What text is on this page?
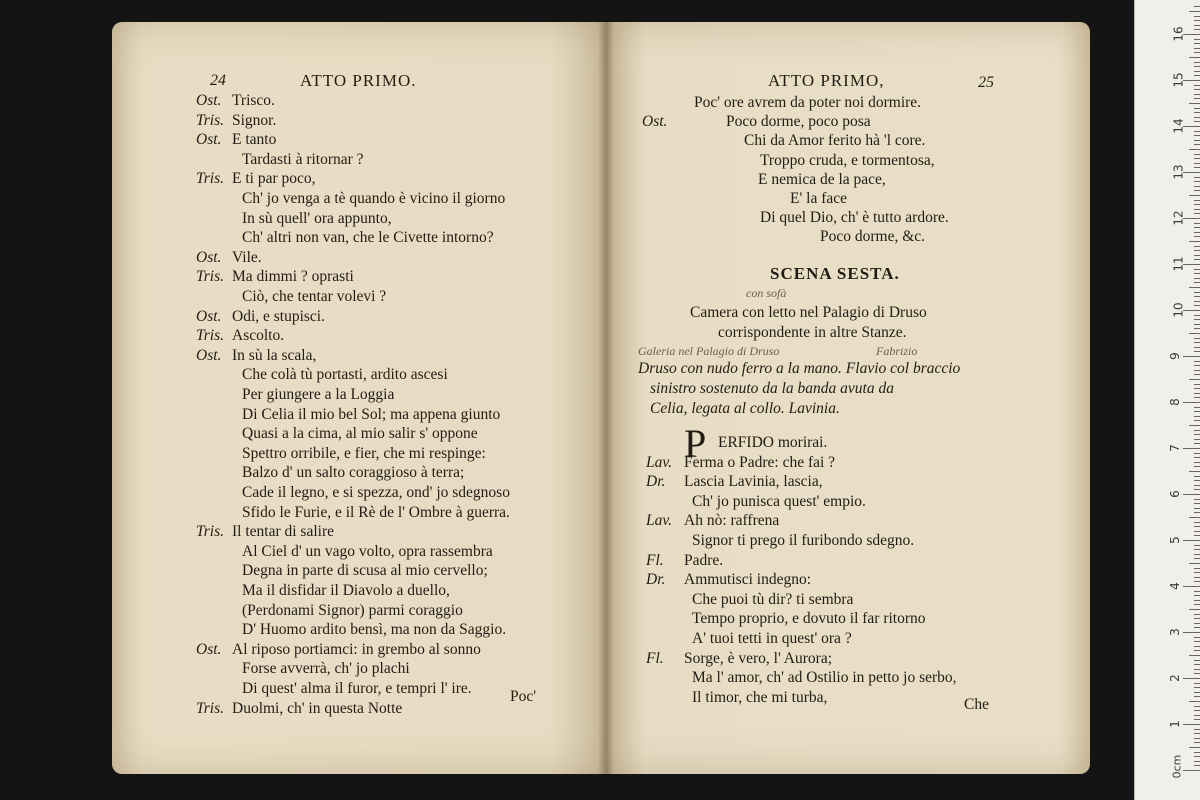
24	ATTO PRIMO.
Ost. Trisco.
Tris. Signor.
Ost. E tanto
Tardasti à ritornar ?
Tris. E ti par poco,
Ch' jo venga a tè quando è vicino il giorno
In sù quell' ora appunto,
Ch' altri non van, che le Civette intorno?
Ost. Vile.
Tris. Ma dimmi ? oprasti
Ciò, che tentar volevi ?
Ost. Odi, e stupisci.
Tris. Ascolto.
Ost. In sù la scala,
Che colà tù portasti, ardito ascesi
Per giungere a la Loggia
Di Celia il mio bel Sol; ma appena giunto
Quasi a la cima, al mio salir s' oppone
Spettro orribile, e fier, che mi respinge:
Balzo d' un salto coraggioso à terra;
Cade il legno, e si spezza, ond' jo sdegnoso
Sfido le Furie, e il Rè de l' Ombre à guerra.
Tris. Il tentar di salire
Al Ciel d' un vago volto, opra rassembra
Degna in parte di scusa al mio cervello;
Ma il disfidar il Diavolo a duello,
(Perdonami Signor) parmi coraggio
D' Huomo ardito bensì, ma non da Saggio.
Ost. Al riposo portiamci: in grembo al sonno
Forse avverrà, ch' jo plachi
Di quest' alma il furor, e tempri l' ire.
Tris. Duolmi, ch' in questa Notte
Poc'
ATTO PRIMO,	25
Poc' ore avrem da poter noi dormire.
Ost.	Poco dorme, poco posa
Chi da Amor ferito hà 'l core.
Troppo cruda, e tormentosa,
E nemica de la pace,
E' la face
Di quel Dio, ch' è tutto ardore.
Poco dorme, &c.
SCENA SESTA.
con sofà
Camera con letto nel Palagio di Druso
corrispondente in altre Stanze.
Galeria nel Palagio di Druso	Fabrizio
Druso con nudo ferro a la mano. Flavio col braccio
sinistro sostenuto da la banda avuta da
Celia, legata al collo. Lavinia.
P ERFIDO morirai.
Lav. Ferma o Padre: che fai ?
Dr. Lascia Lavinia, lascia,
Ch' jo punisca quest' empio.
Lav. Ah nò: raffrena
Signor ti prego il furibondo sdegno.
Fl. Padre.
Dr. Ammutisci indegno:
Che puoi tù dir? ti sembra
Tempo proprio, e dovuto il far ritorno
A' tuoi tetti in quest' ora ?
Fl. Sorge, è vero, l' Aurora;
Ma l' amor, ch' ad Ostilio in petto jo serbo,
Il timor, che mi turba,	Che
1
2
3
4
5
6
7
8
9
10
11
12
13
14
15
16
0cm
